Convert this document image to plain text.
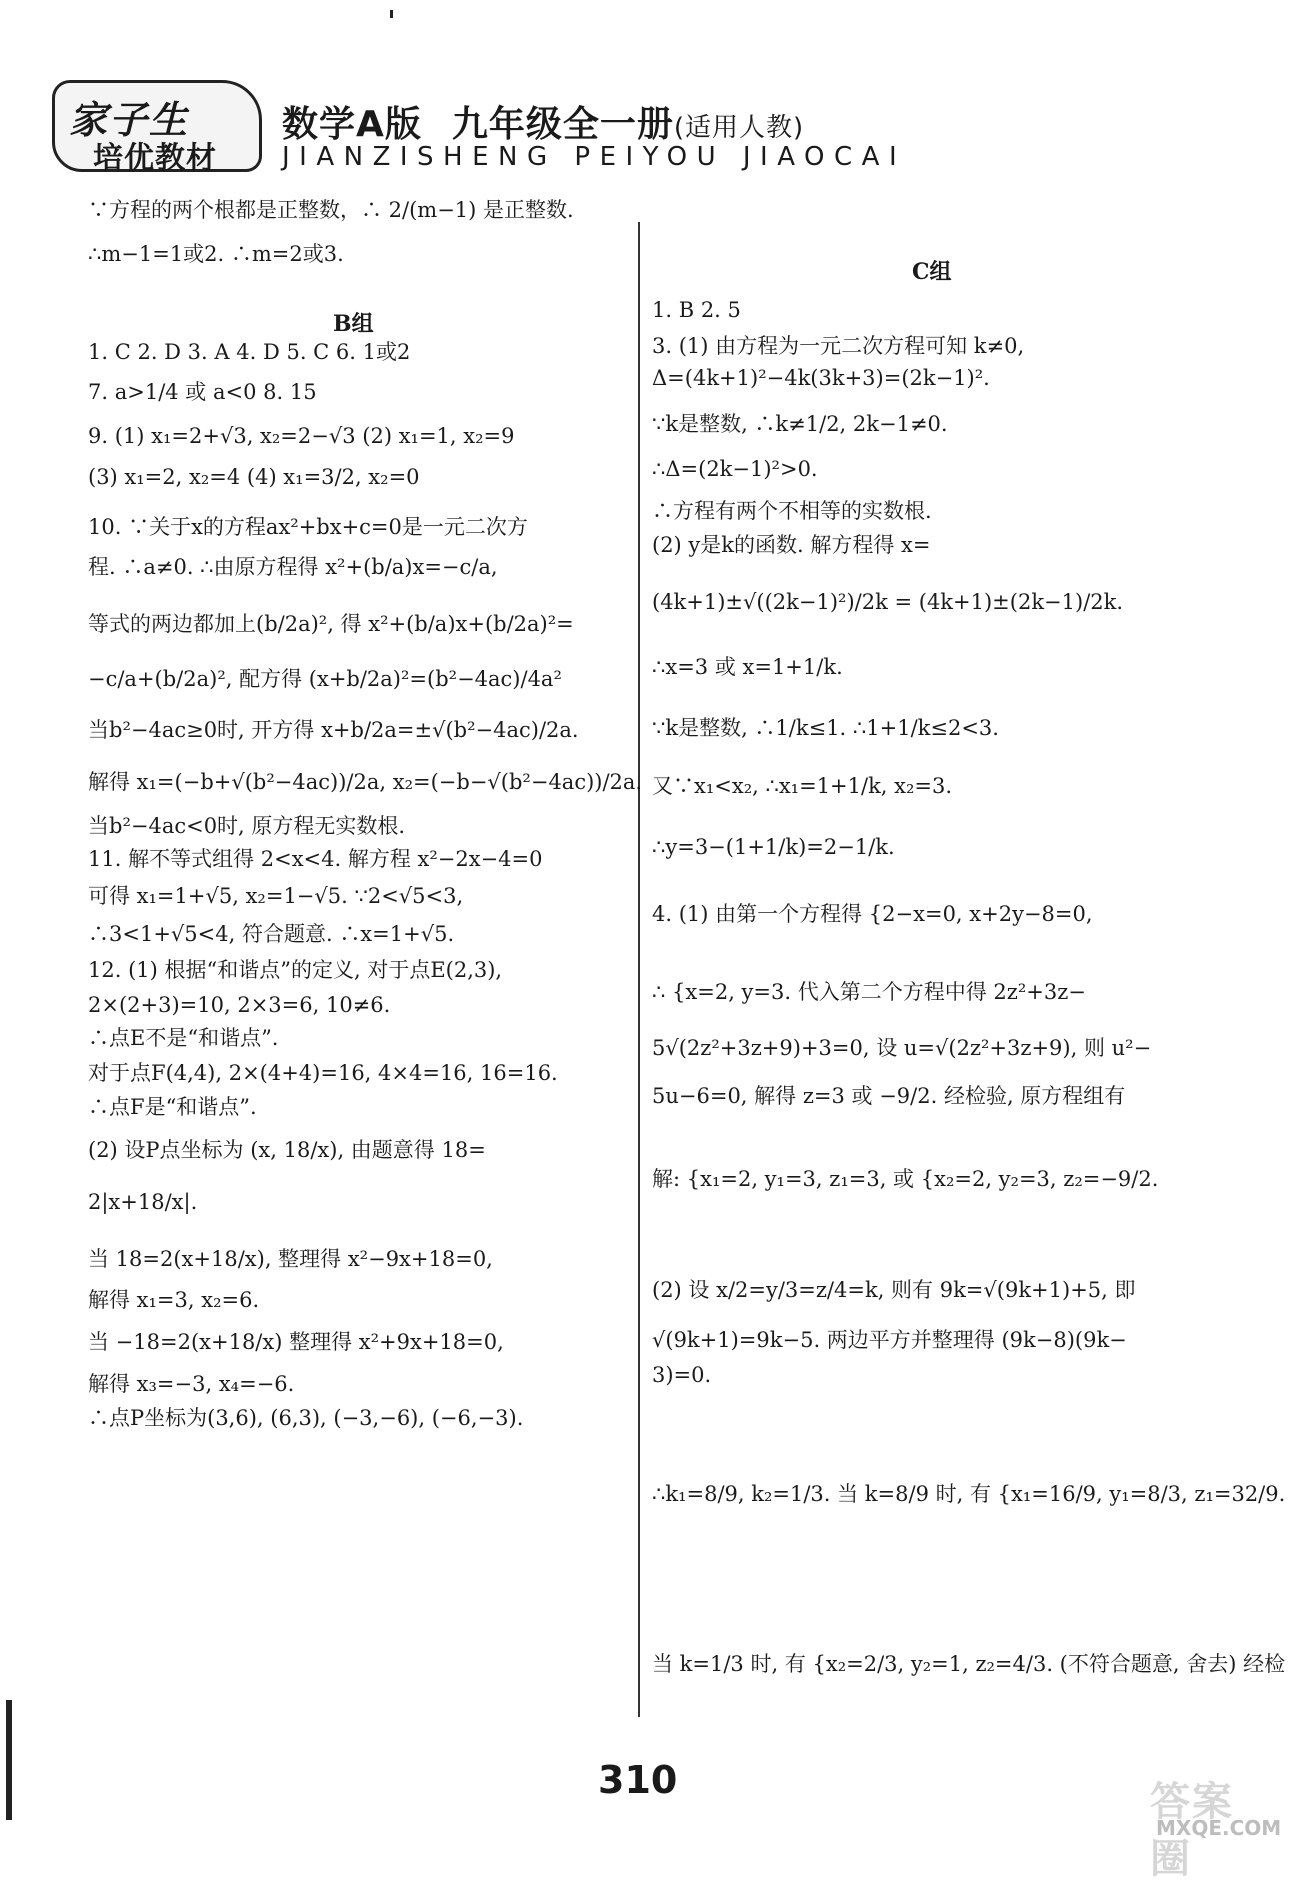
家子生
培优教材
数学A版 九年级全一册(适用人教)
JIANZISHENG PEIYOU JIAOCAI
∵方程的两个根都是正整数，∴ 2/(m−1) 是正整数.
∴m−1=1或2. ∴m=2或3.
B组
1. C 2. D 3. A 4. D 5. C 6. 1或2
7. a>1/4 或 a<0 8. 15
9. (1) x₁=2+√3, x₂=2−√3 (2) x₁=1, x₂=9
(3) x₁=2, x₂=4 (4) x₁=3/2, x₂=0
10. ∵关于x的方程ax²+bx+c=0是一元二次方
程. ∴a≠0. ∴由原方程得 x²+(b/a)x=−c/a,
等式的两边都加上(b/2a)², 得 x²+(b/a)x+(b/2a)²=
−c/a+(b/2a)², 配方得 (x+b/2a)²=(b²−4ac)/4a²
当b²−4ac≥0时, 开方得 x+b/2a=±√(b²−4ac)/2a.
解得 x₁=(−b+√(b²−4ac))/2a, x₂=(−b−√(b²−4ac))/2a.
当b²−4ac<0时, 原方程无实数根.
11. 解不等式组得 2<x<4. 解方程 x²−2x−4=0
可得 x₁=1+√5, x₂=1−√5. ∵2<√5<3,
∴3<1+√5<4, 符合题意. ∴x=1+√5.
12. (1) 根据“和谐点”的定义, 对于点E(2,3),
2×(2+3)=10, 2×3=6, 10≠6.
∴点E不是“和谐点”.
对于点F(4,4), 2×(4+4)=16, 4×4=16, 16=16.
∴点F是“和谐点”.
(2) 设P点坐标为 (x, 18/x), 由题意得 18=
2|x+18/x|.
当 18=2(x+18/x), 整理得 x²−9x+18=0,
解得 x₁=3, x₂=6.
当 −18=2(x+18/x) 整理得 x²+9x+18=0,
解得 x₃=−3, x₄=−6.
∴点P坐标为(3,6), (6,3), (−3,−6), (−6,−3).
C组
1. B 2. 5
3. (1) 由方程为一元二次方程可知 k≠0,
Δ=(4k+1)²−4k(3k+3)=(2k−1)².
∵k是整数, ∴k≠1/2, 2k−1≠0.
∴Δ=(2k−1)²>0.
∴方程有两个不相等的实数根.
(2) y是k的函数. 解方程得 x=
(4k+1)±√((2k−1)²)/2k = (4k+1)±(2k−1)/2k.
∴x=3 或 x=1+1/k.
∵k是整数, ∴1/k≤1. ∴1+1/k≤2<3.
又∵x₁<x₂, ∴x₁=1+1/k, x₂=3.
∴y=3−(1+1/k)=2−1/k.
4. (1) 由第一个方程得 {2−x=0, x+2y−8=0,
∴ {x=2, y=3. 代入第二个方程中得 2z²+3z−
5√(2z²+3z+9)+3=0, 设 u=√(2z²+3z+9), 则 u²−
5u−6=0, 解得 z=3 或 −9/2. 经检验, 原方程组有
解: {x₁=2, y₁=3, z₁=3, 或 {x₂=2, y₂=3, z₂=−9/2.
(2) 设 x/2=y/3=z/4=k, 则有 9k=√(9k+1)+5, 即
√(9k+1)=9k−5. 两边平方并整理得 (9k−8)(9k−
3)=0.
∴k₁=8/9, k₂=1/3. 当 k=8/9 时, 有 {x₁=16/9, y₁=8/3, z₁=32/9.
当 k=1/3 时, 有 {x₂=2/3, y₂=1, z₂=4/3. (不符合题意, 舍去) 经检
310	答案圈
MXQE.COM
